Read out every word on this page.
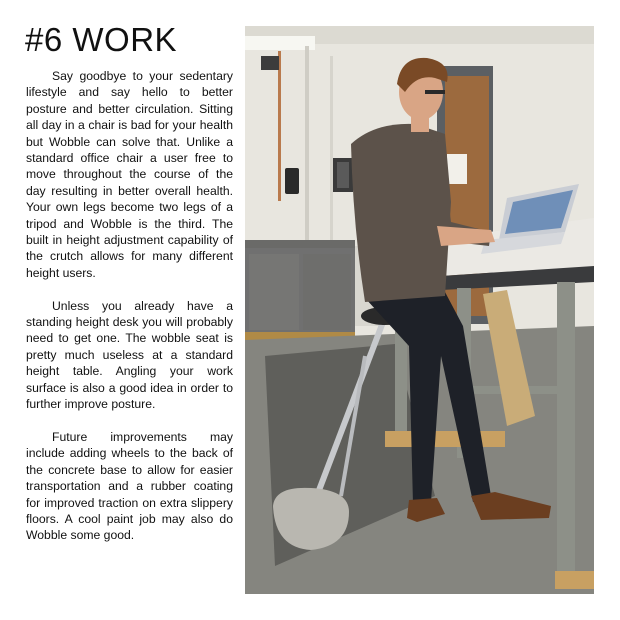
#6 WORK

Say goodbye to your sedentary lifestyle and say hello to better posture and better circulation. Sitting all day in a chair is bad for your health but Wobble can solve that. Unlike a standard office chair a user free to move throughout the course of the day resulting in better overall health. Your own legs become two legs of a tripod and Wobble is the third. The built in height adjustment capability of the crutch allows for many different height users.

Unless you already have a standing height desk you will probably need to get one. The wobble seat is pretty much useless at a standard height table. Angling your work surface is also a good idea in order to further improve posture.

Future improvements may include adding wheels to the back of the concrete base to allow for easier transportation and a rubber coating for improved traction on extra slippery floors. A cool paint job may also do Wobble some good.
